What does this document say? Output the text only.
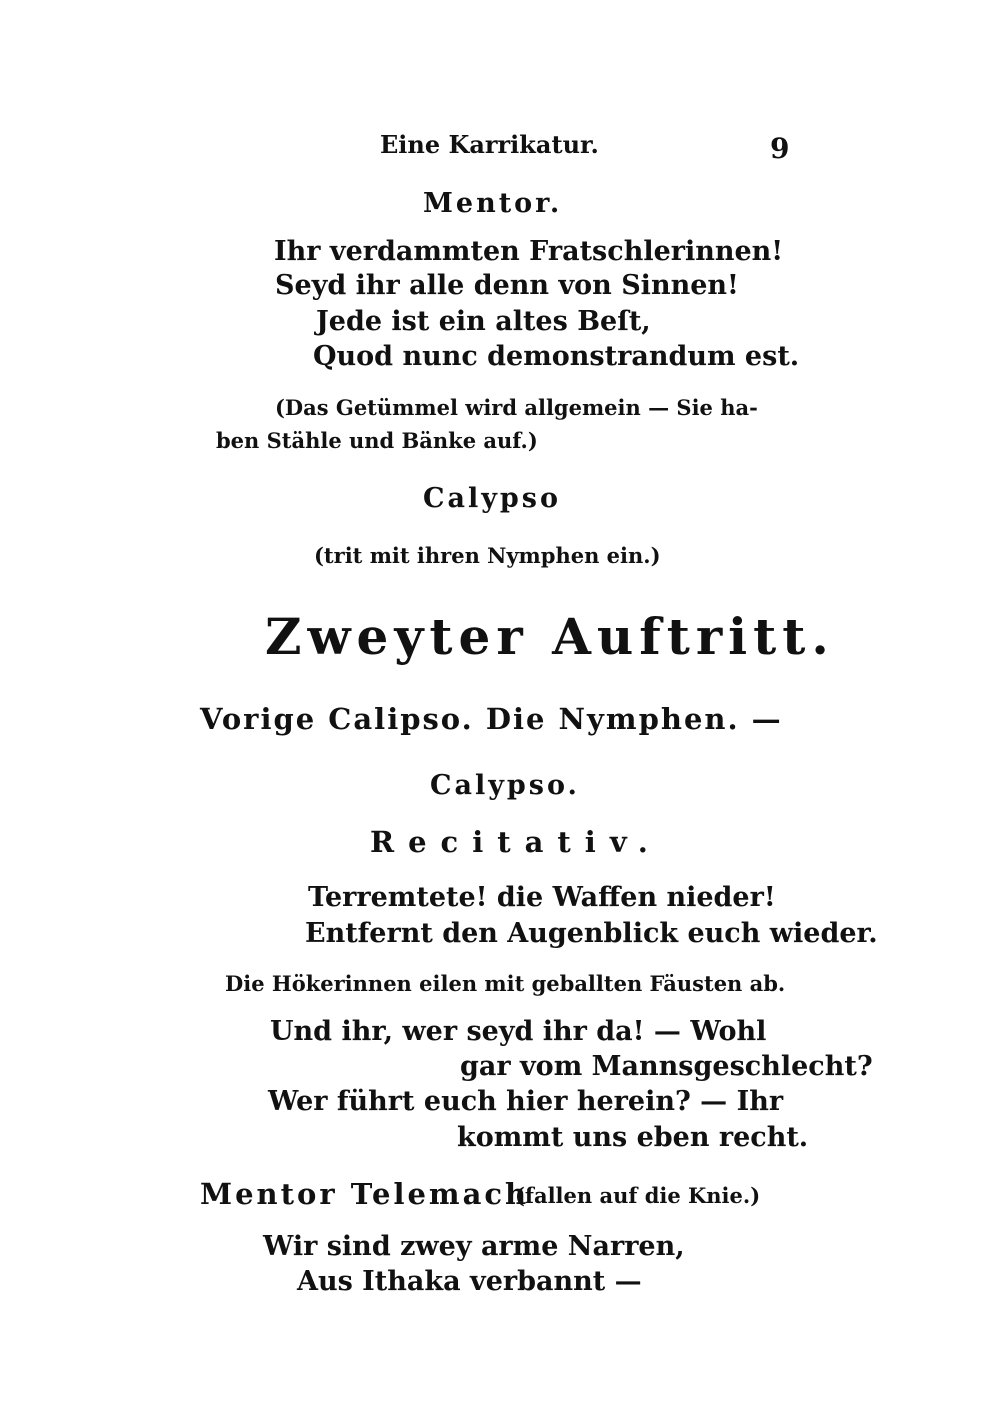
Eine Karrikatur.	9
Mentor.
Ihr verdammten Fratschlerinnen!
Seyd ihr alle denn von Sinnen!
Jede ist ein altes Beſt,
Quod nunc demonstrandum est.
(Das Getümmel wird allgemein — Sie ha-
ben Stähle und Bänke auf.)
Calypso
(trit mit ihren Nymphen ein.)
Zweyter Auftritt.
Vorige Calipso. Die Nymphen. —
Calypso.
Recitativ.
Terremtete! die Waffen nieder!
Entfernt den Augenblick euch wieder.
Die Hökerinnen eilen mit geballten Fäusten ab.
Und ihr, wer seyd ihr da! — Wohl
gar vom Mannsgeschlecht?
Wer führt euch hier herein? — Ihr
kommt uns eben recht.
Mentor Telemach
(fallen auf die Knie.)
Wir sind zwey arme Narren,
Aus Ithaka verbannt —
